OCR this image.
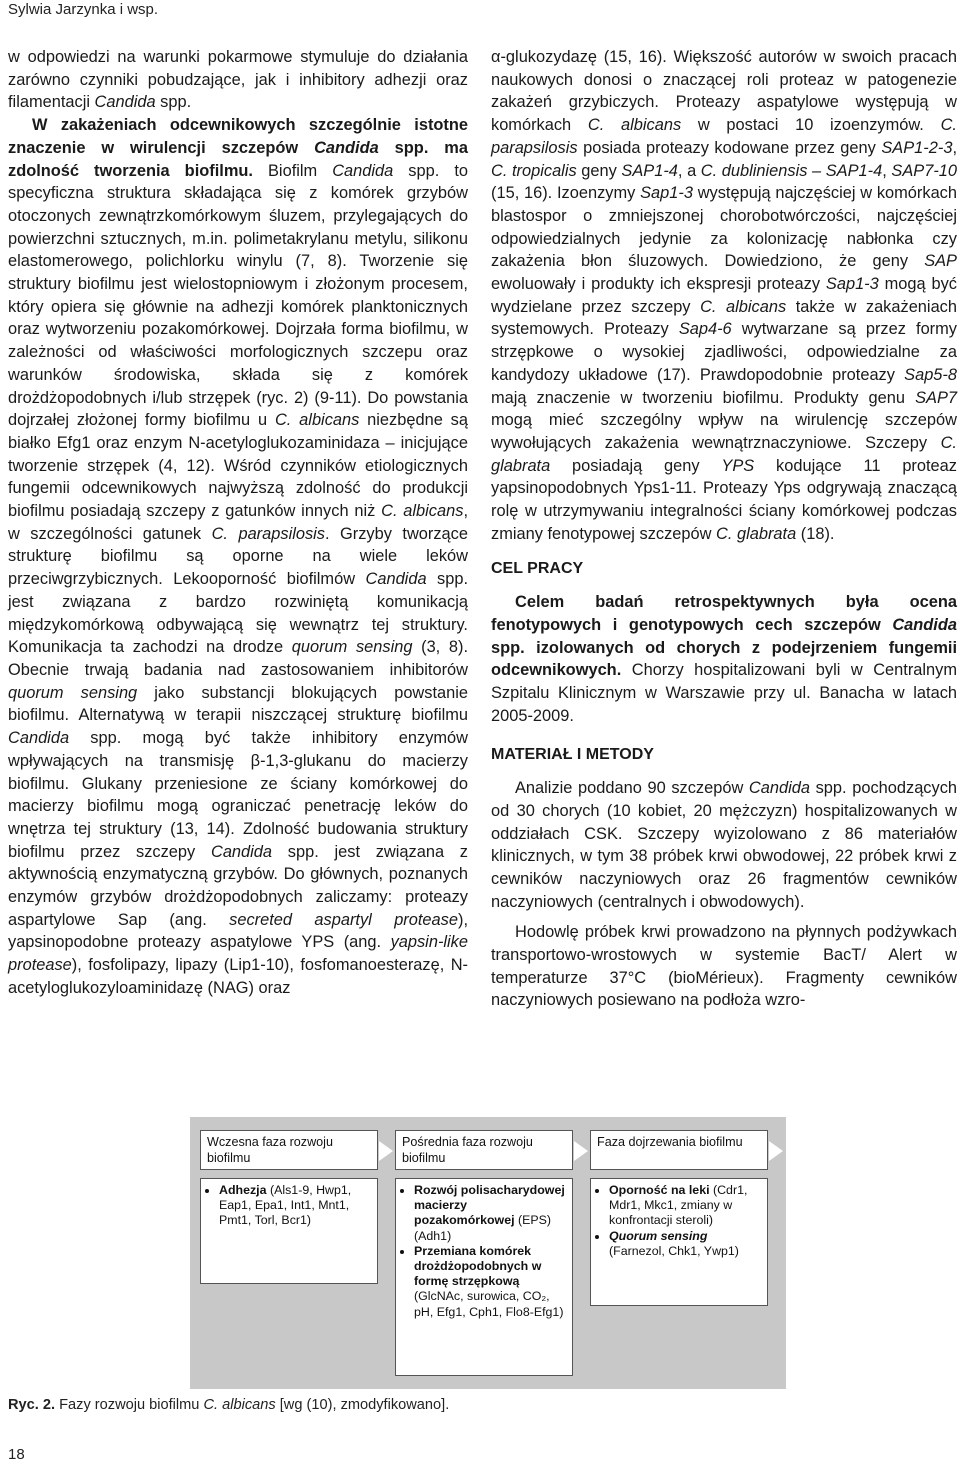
Sylwia Jarzynka i wsp.

w odpowiedzi na warunki pokarmowe stymuluje do działania zarówno czynniki pobudzające, jak i inhibitory adhezji oraz filamentacji Candida spp.

W zakażeniach odcewnikowych szczególnie istotne znaczenie w wirulencji szczepów Candida spp. ma zdolność tworzenia biofilmu. Biofilm Candida spp. to specyficzna struktura składająca się z komórek grzybów otoczonych zewnątrzkomórkowym śluzem, przylegających do powierzchni sztucznych, m.in. polimetakrylanu metylu, silikonu elastomerowego, polichlorku winylu (7, 8). Tworzenie się struktury biofilmu jest wielostopniowym i złożonym procesem, który opiera się głównie na adhezji komórek planktonicznych oraz wytworzeniu pozakomórkowej. Dojrzała forma biofilmu, w zależności od właściwości morfologicznych szczepu oraz warunków środowiska, składa się z komórek drożdżopodobnych i/lub strzępek (ryc. 2) (9-11). Do powstania dojrzałej złożonej formy biofilmu u C. albicans niezbędne są białko Efg1 oraz enzym N-acetyloglukozaminidaza – inicjujące tworzenie strzępek (4, 12). Wśród czynników etiologicznych fungemii odcewnikowych najwyższą zdolność do produkcji biofilmu posiadają szczepy z gatunków innych niż C. albicans, w szczególności gatunek C. parapsilosis. Grzyby tworzące strukturę biofilmu są oporne na wiele leków przeciwgrzybicznych. Lekooporność biofilmów Candida spp. jest związana z bardzo rozwiniętą komunikacją międzykomórkową odbywającą się wewnątrz tej struktury. Komunikacja ta zachodzi na drodze quorum sensing (3, 8). Obecnie trwają badania nad zastosowaniem inhibitorów quorum sensing jako substancji blokujących powstanie biofilmu. Alternatywą w terapii niszczącej strukturę biofilmu Candida spp. mogą być także inhibitory enzymów wpływających na transmisję β-1,3-glukanu do macierzy biofilmu. Glukany przeniesione ze ściany komórkowej do macierzy biofilmu mogą ograniczać penetrację leków do wnętrza tej struktury (13, 14). Zdolność budowania struktury biofilmu przez szczepy Candida spp. jest związana z aktywnością enzymatyczną grzybów. Do głównych, poznanych enzymów grzybów drożdżopodobnych zaliczamy: proteazy aspartylowe Sap (ang. secreted aspartyl protease), yapsinopodobne proteazy aspatylowe YPS (ang. yapsin-like protease), fosfolipazy, lipazy (Lip1-10), fosfomanoesterazę, N-acetyloglukozyloaminidazę (NAG) oraz

α-glukozydazę (15, 16). Większość autorów w swoich pracach naukowych donosi o znaczącej roli proteaz w patogenezie zakażeń grzybiczych. Proteazy aspatylowe występują w komórkach C. albicans w postaci 10 izoenzymów. C. parapsilosis posiada proteazy kodowane przez geny SAP1-2-3, C. tropicalis geny SAP1-4, a C. dubliniensis – SAP1-4, SAP7-10 (15, 16). Izoenzymy Sap1-3 występują najczęściej w komórkach blastospor o zmniejszonej chorobotwórczości, najczęściej odpowiedzialnych jedynie za kolonizację nabłonka czy zakażenia błon śluzowych. Dowiedziono, że geny SAP ewoluowały i produkty ich ekspresji proteazy Sap1-3 mogą być wydzielane przez szczepy C. albicans także w zakażeniach systemowych. Proteazy Sap4-6 wytwarzane są przez formy strzępkowe o wysokiej zjadliwości, odpowiedzialne za kandydozy układowe (17). Prawdopodobnie proteazy Sap5-8 mają znaczenie w tworzeniu biofilmu. Produkty genu SAP7 mogą mieć szczególny wpływ na wirulencję szczepów wywołujących zakażenia wewnątrznaczyniowe. Szczepy C. glabrata posiadają geny YPS kodujące 11 proteaz yapsinopodobnych Yps1-11. Proteazy Yps odgrywają znaczącą rolę w utrzymywaniu integralności ściany komórkowej podczas zmiany fenotypowej szczepów C. glabrata (18).

CEL PRACY

Celem badań retrospektywnych była ocena fenotypowych i genotypowych cech szczepów Candida spp. izolowanych od chorych z podejrzeniem fungemii odcewnikowych. Chorzy hospitalizowani byli w Centralnym Szpitalu Klinicznym w Warszawie przy ul. Banacha w latach 2005-2009.

MATERIAŁ I METODY

Analizie poddano 90 szczepów Candida spp. pochodzących od 30 chorych (10 kobiet, 20 mężczyzn) hospitalizowanych w oddziałach CSK. Szczepy wyizolowano z 86 materiałów klinicznych, w tym 38 próbek krwi obwodowej, 22 próbek krwi z cewników naczyniowych oraz 26 fragmentów cewników naczyniowych (centralnych i obwodowych).

Hodowlę próbek krwi prowadzono na płynnych podżywkach transportowo-wrostowych w systemie BacT/ Alert w temperaturze 37°C (bioMérieux). Fragmenty cewników naczyniowych posiewano na podłoża wzro-

Wczesna faza rozwoju biofilmu
• Adhezja (Als1-9, Hwp1, Eap1, Epa1, Int1, Mnt1, Pmt1, Torl, Bcr1)
Pośrednia faza rozwoju biofilmu
• Rozwój polisacharydowej macierzy pozakomórkowej (EPS) (Adh1)
• Przemiana komórek drożdżopodobnych w formę strzępkową (GlcNAc, surowica, CO₂, pH, Efg1, Cph1, Flo8-Efg1)
Faza dojrzewania biofilmu
• Oporność na leki (Cdr1, Mdr1, Mkc1, zmiany w konfrontacji steroli)
• Quorum sensing (Farnezol, Chk1, Ywp1)
Ryc. 2. Fazy rozwoju biofilmu C. albicans [wg (10), zmodyfikowano].
18
